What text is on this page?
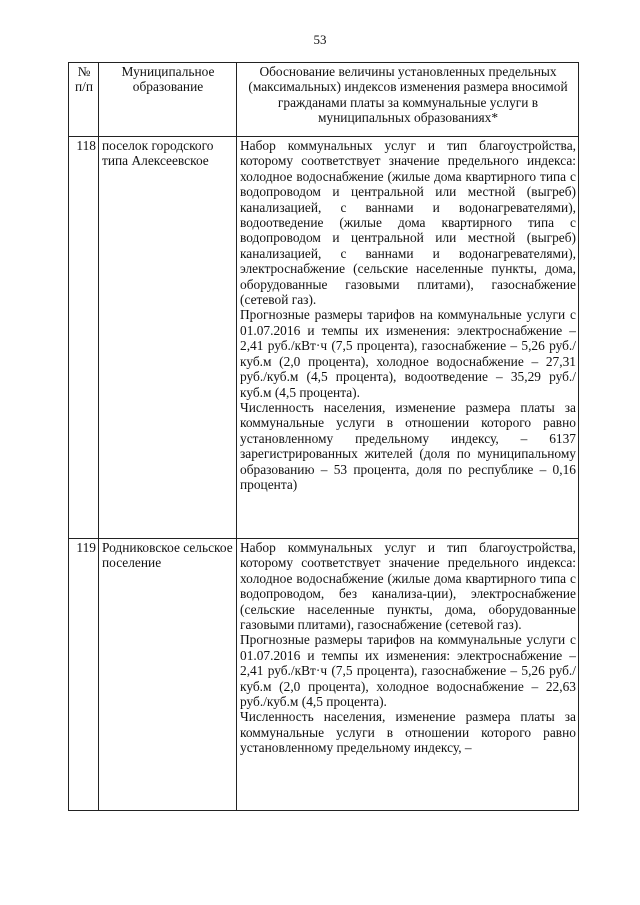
53
№ п/п	Муниципальное образование	Обоснование величины установленных предельных (максимальных) индексов изменения размера вносимой гражданами платы за коммунальные услуги в муниципальных образованиях*
118	поселок городского типа Алексеевское	Набор коммунальных услуг и тип благоустройства, которому соответствует значение предельного индекса: холодное водоснабжение (жилые дома квартирного типа с водопроводом и центральной или местной (выгреб) канализацией, с ваннами и водонагревателями), водоотведение (жилые дома квартирного типа с водопроводом и центральной или местной (выгреб) канализацией, с ваннами и водонагревателями), электроснабжение (сельские населенные пункты, дома, оборудованные газовыми плитами), газоснабжение (сетевой газ).

Прогнозные размеры тарифов на коммунальные услуги с 01.07.2016 и темпы их изменения: электроснабжение – 2,41 руб./кВт·ч (7,5 процента), газоснабжение – 5,26 руб./куб.м (2,0 процента), холодное водоснабжение – 27,31 руб./куб.м (4,5 процента), водоотведение – 35,29 руб./куб.м (4,5 процента).

Численность населения, изменение размера платы за коммунальные услуги в отношении которого равно установленному предельному индексу, – 6137 зарегистрированных жителей (доля по муниципальному образованию – 53 процента, доля по республике – 0,16 процента)

119	Родниковское сельское поселение	Набор коммунальных услуг и тип благоустройства, которому соответствует значение предельного индекса: холодное водоснабжение (жилые дома квартирного типа с водопроводом, без канализа-ции), электроснабжение (сельские населенные пункты, дома, оборудованные газовыми плитами), газоснабжение (сетевой газ).

Прогнозные размеры тарифов на коммунальные услуги с 01.07.2016 и темпы их изменения: электроснабжение – 2,41 руб./кВт·ч (7,5 процента), газоснабжение – 5,26 руб./куб.м (2,0 процента), холодное водоснабжение – 22,63 руб./куб.м (4,5 процента).

Численность населения, изменение размера платы за коммунальные услуги в отношении которого равно установленному предельному индексу, –
